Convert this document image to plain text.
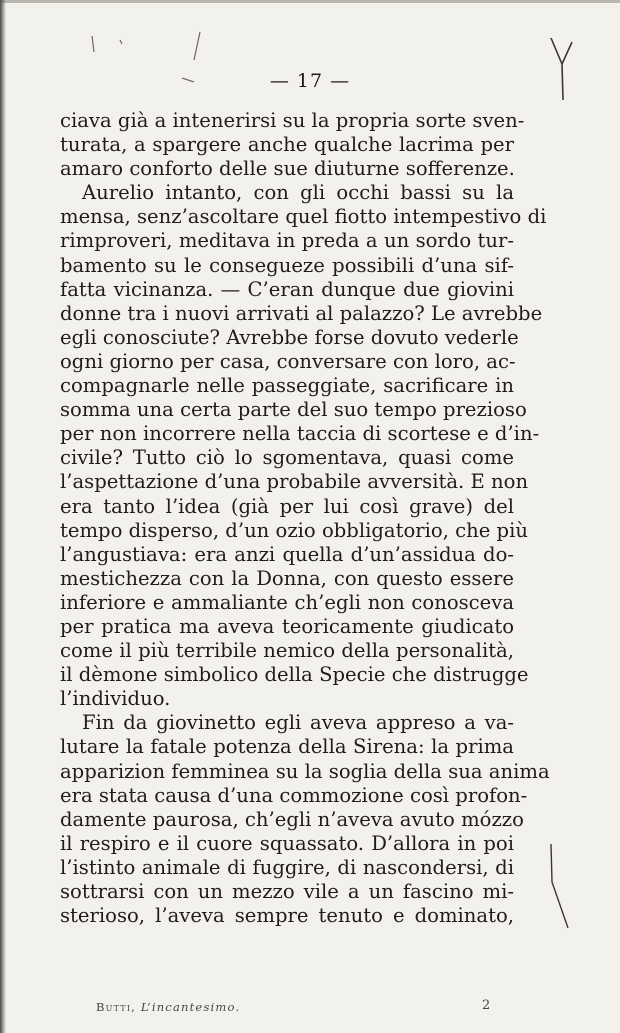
— 17 —
ciava già a intenerirsi su la propria sorte sven-
turata, a spargere anche qualche lacrima per
amaro conforto delle sue diuturne sofferenze.
Aurelio intanto, con gli occhi bassi su la
mensa, senz’ascoltare quel fiotto intempestivo di
rimproveri, meditava in preda a un sordo tur-
bamento su le consegueze possibili d’una sif-
fatta vicinanza. — C’eran dunque due giovini
donne tra i nuovi arrivati al palazzo? Le avrebbe
egli conosciute? Avrebbe forse dovuto vederle
ogni giorno per casa, conversare con loro, ac-
compagnarle nelle passeggiate, sacrificare in
somma una certa parte del suo tempo prezioso
per non incorrere nella taccia di scortese e d’in-
civile? Tutto ciò lo sgomentava, quasi come
l’aspettazione d’una probabile avversità. E non
era tanto l’idea (già per lui così grave) del
tempo disperso, d’un ozio obbligatorio, che più
l’angustiava: era anzi quella d’un’assidua do-
mestichezza con la Donna, con questo essere
inferiore e ammaliante ch’egli non conosceva
per pratica ma aveva teoricamente giudicato
come il più terribile nemico della personalità,
il dèmone simbolico della Specie che distrugge
l’individuo.
Fin da giovinetto egli aveva appreso a va-
lutare la fatale potenza della Sirena: la prima
apparizion femminea su la soglia della sua anima
era stata causa d’una commozione così profon-
damente paurosa, ch’egli n’aveva avuto mózzo
il respiro e il cuore squassato. D’allora in poi
l’istinto animale di fuggire, di nascondersi, di
sottrarsi con un mezzo vile a un fascino mi-
sterioso, l’aveva sempre tenuto e dominato,
Butti, L’incantesimo.	2
